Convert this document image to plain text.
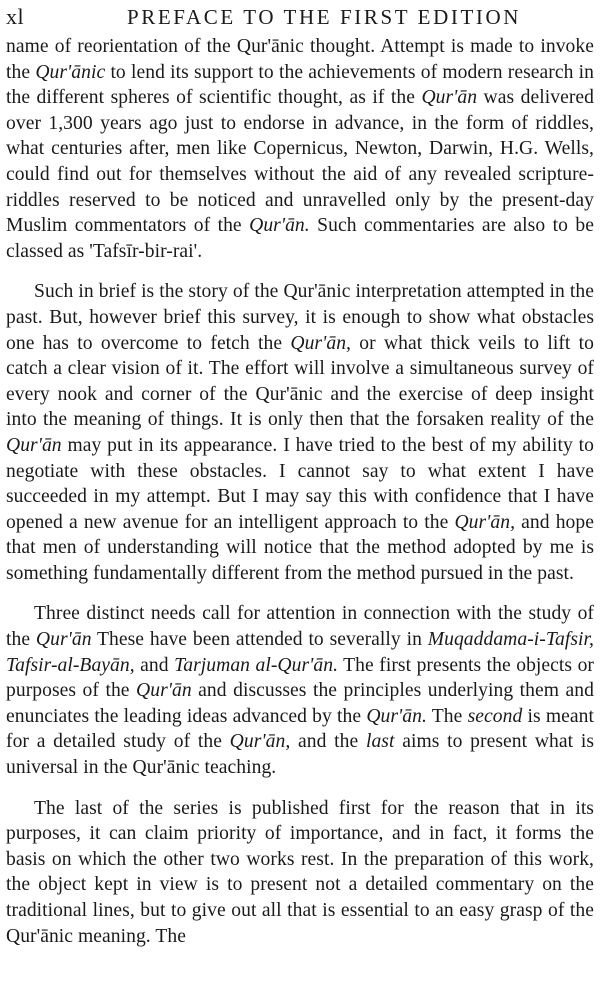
xl	PREFACE TO THE FIRST EDITION

name of reorientation of the Qur'ānic thought. Attempt is made to invoke the Qur'ānic to lend its support to the achievements of modern research in the different spheres of scientific thought, as if the Qur'ān was delivered over 1,300 years ago just to endorse in advance, in the form of riddles, what centuries after, men like Copernicus, Newton, Darwin, H.G. Wells, could find out for themselves without the aid of any revealed scripture-riddles reserved to be noticed and unravelled only by the present-day Muslim commentators of the Qur'ān. Such commentaries are also to be classed as 'Tafsīr-bir-rai'.

Such in brief is the story of the Qur'ānic interpretation attempted in the past. But, however brief this survey, it is enough to show what obstacles one has to overcome to fetch the Qur'ān, or what thick veils to lift to catch a clear vision of it. The effort will involve a simultaneous survey of every nook and corner of the Qur'ānic and the exercise of deep insight into the meaning of things. It is only then that the forsaken reality of the Qur'ān may put in its appearance. I have tried to the best of my ability to negotiate with these obstacles. I cannot say to what extent I have succeeded in my attempt. But I may say this with confidence that I have opened a new avenue for an intelligent approach to the Qur'ān, and hope that men of understanding will notice that the method adopted by me is something fundamentally different from the method pursued in the past.

Three distinct needs call for attention in connection with the study of the Qur'ān These have been attended to severally in Muqaddama-i-Tafsir, Tafsir-al-Bayān, and Tarjuman al-Qur'ān. The first presents the objects or purposes of the Qur'ān and discusses the principles underlying them and enunciates the leading ideas advanced by the Qur'ān. The second is meant for a detailed study of the Qur'ān, and the last aims to present what is universal in the Qur'ānic teaching.

The last of the series is published first for the reason that in its purposes, it can claim priority of importance, and in fact, it forms the basis on which the other two works rest. In the preparation of this work, the object kept in view is to present not a detailed commentary on the traditional lines, but to give out all that is essential to an easy grasp of the Qur'ānic meaning. The
